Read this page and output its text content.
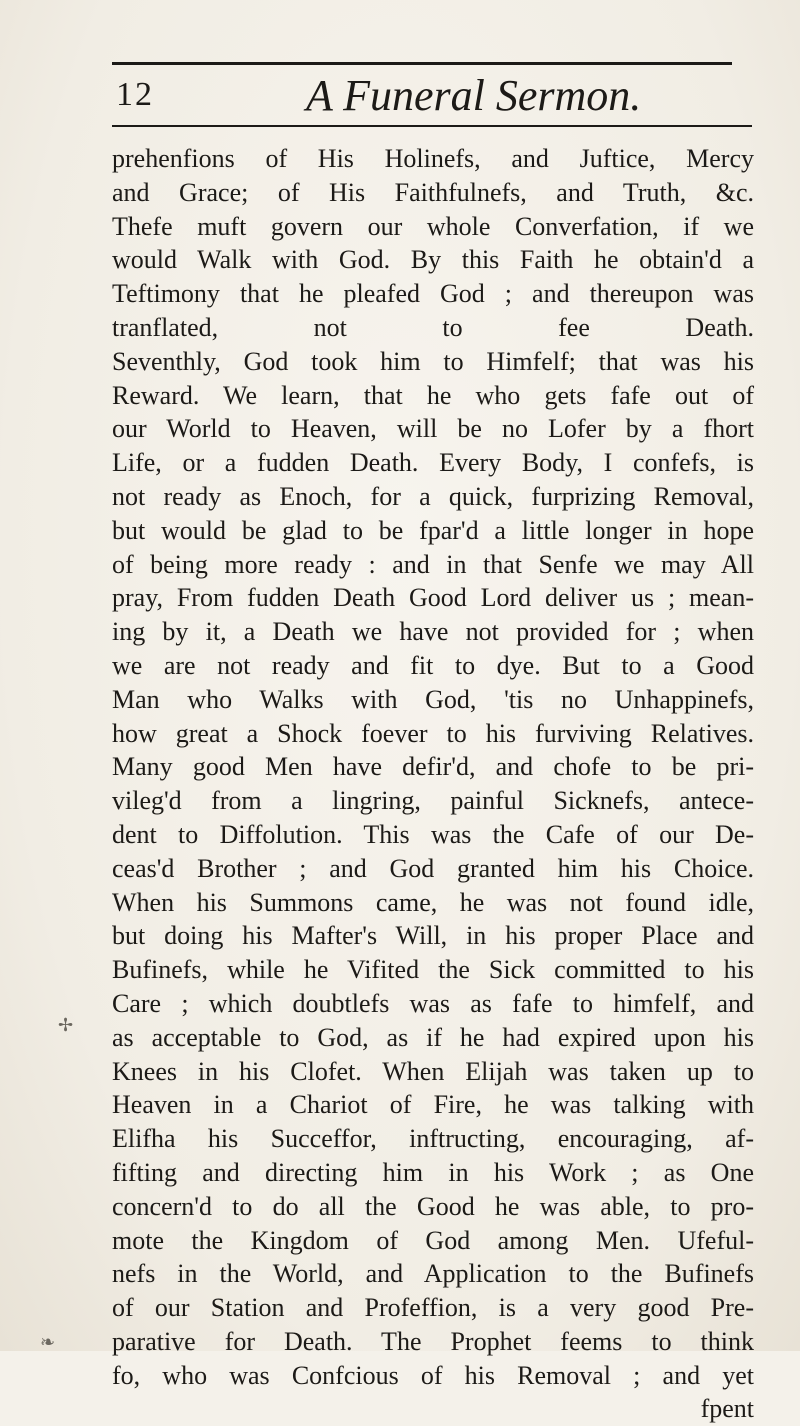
12	A Funeral Sermon.
prehenfions of His Holinefs, and Juftice, Mercy
and Grace; of His Faithfulnefs, and Truth, &c.
Thefe muft govern our whole Converfation, if we
would Walk with God. By this Faith he obtain'd a
Teftimony that he pleafed God ; and thereupon was
tranflated, not to fee Death.
Seventhly, God took him to Himfelf; that was his
Reward. We learn, that he who gets fafe out of
our World to Heaven, will be no Lofer by a fhort
Life, or a fudden Death. Every Body, I confefs, is
not ready as Enoch, for a quick, furprizing Removal,
but would be glad to be fpar'd a little longer in hope
of being more ready : and in that Senfe we may All
pray, From fudden Death Good Lord deliver us ; mean-
ing by it, a Death we have not provided for ; when
we are not ready and fit to dye. But to a Good
Man who Walks with God, 'tis no Unhappinefs,
how great a Shock foever to his furviving Relatives.
Many good Men have defir'd, and chofe to be pri-
vileg'd from a lingring, painful Sicknefs, antece-
dent to Diffolution. This was the Cafe of our De-
ceas'd Brother ; and God granted him his Choice.
When his Summons came, he was not found idle,
but doing his Mafter's Will, in his proper Place and
Bufinefs, while he Vifited the Sick committed to his
Care ; which doubtlefs was as fafe to himfelf, and
as acceptable to God, as if he had expired upon his
Knees in his Clofet. When Elijah was taken up to
Heaven in a Chariot of Fire, he was talking with
Elifha his Succeffor, inftructing, encouraging, af-
fifting and directing him in his Work ; as One
concern'd to do all the Good he was able, to pro-
mote the Kingdom of God among Men. Ufeful-
nefs in the World, and Application to the Bufinefs
of our Station and Profeffion, is a very good Pre-
parative for Death. The Prophet feems to think
fo, who was Confcious of his Removal ; and yet
fpent
✢
❧
